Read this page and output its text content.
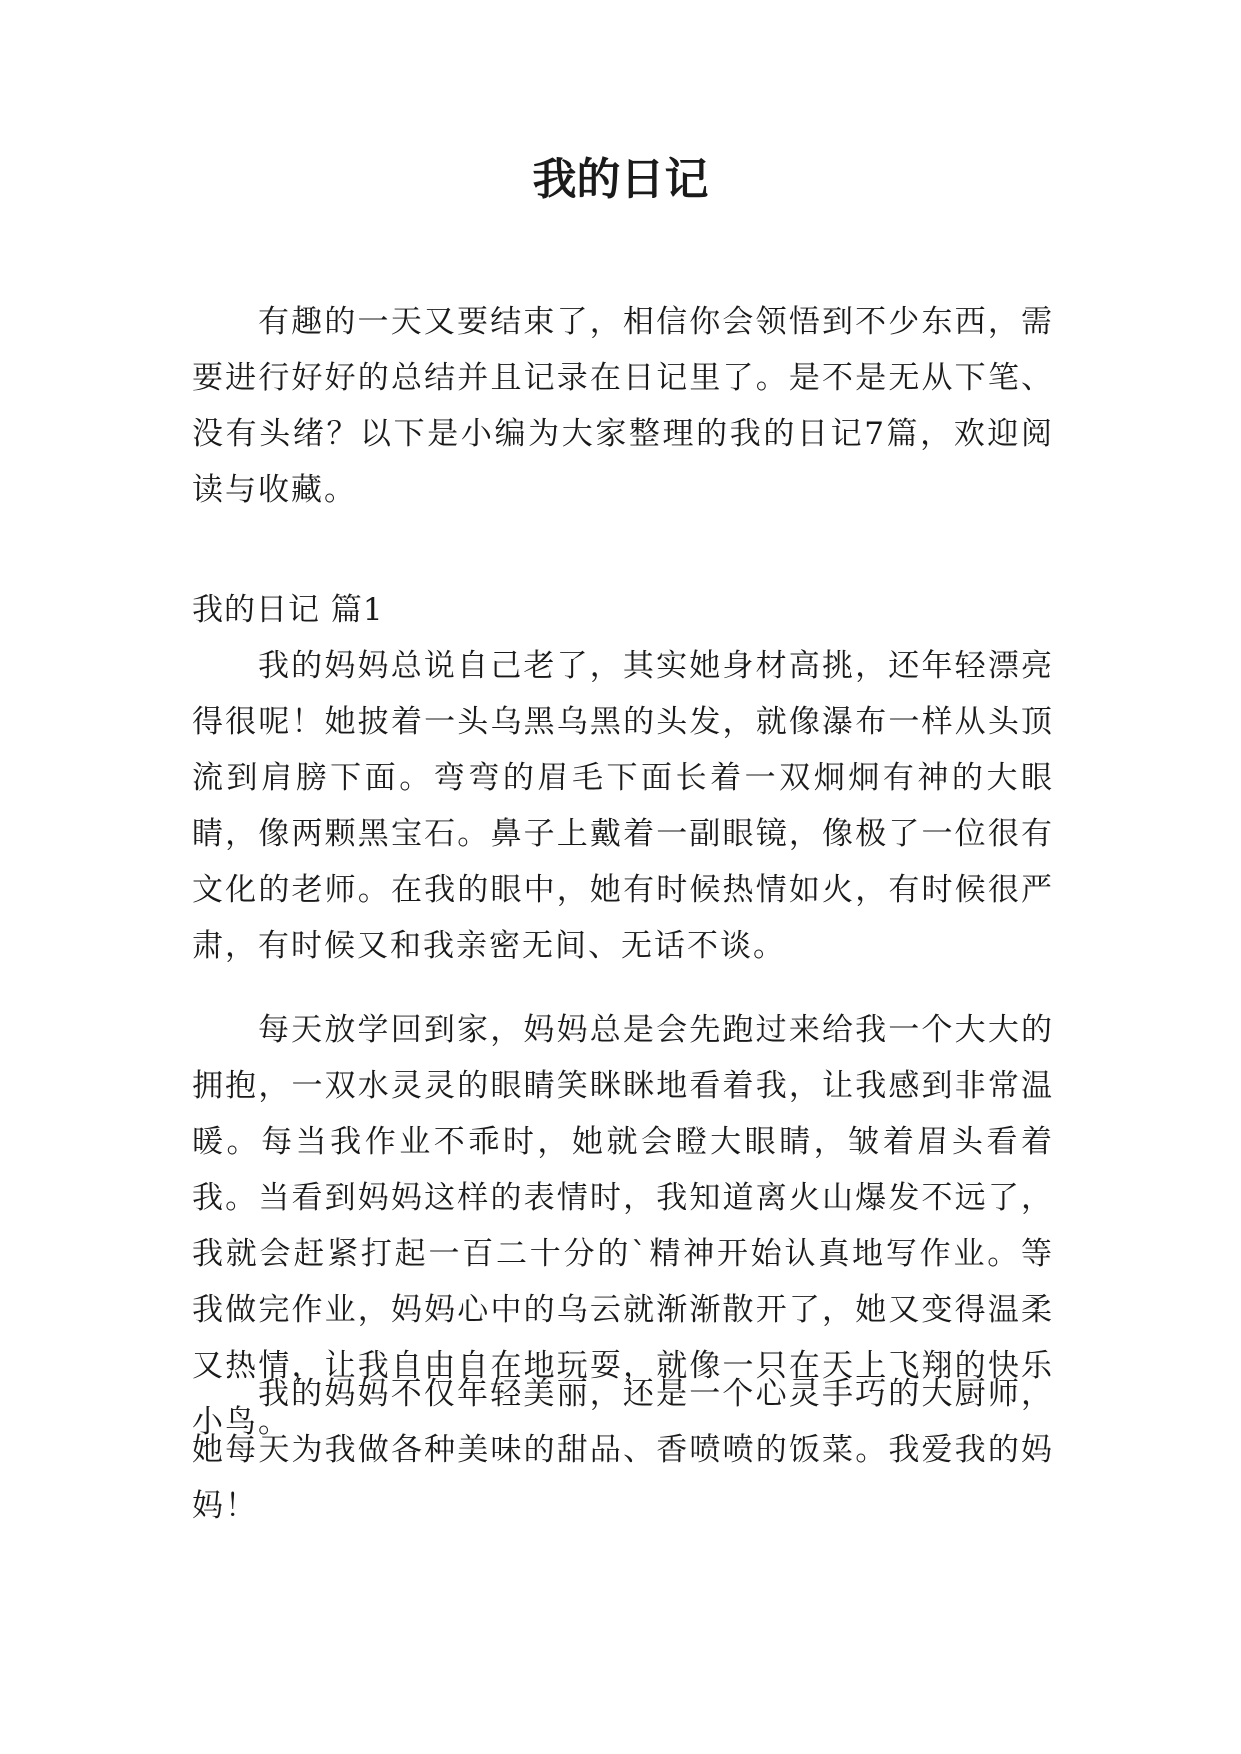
我的日记

有趣的一天又要结束了，相信你会领悟到不少东西，需要进行好好的总结并且记录在日记里了。是不是无从下笔、没有头绪？以下是小编为大家整理的我的日记7篇，欢迎阅读与收藏。

我的日记 篇1

我的妈妈总说自己老了，其实她身材高挑，还年轻漂亮得很呢！她披着一头乌黑乌黑的头发，就像瀑布一样从头顶流到肩膀下面。弯弯的眉毛下面长着一双炯炯有神的大眼睛，像两颗黑宝石。鼻子上戴着一副眼镜，像极了一位很有文化的老师。在我的眼中，她有时候热情如火，有时候很严肃，有时候又和我亲密无间、无话不谈。

每天放学回到家，妈妈总是会先跑过来给我一个大大的拥抱，一双水灵灵的眼睛笑眯眯地看着我，让我感到非常温暖。每当我作业不乖时，她就会瞪大眼睛，皱着眉头看着我。当看到妈妈这样的表情时，我知道离火山爆发不远了，我就会赶紧打起一百二十分的`精神开始认真地写作业。等我做完作业，妈妈心中的乌云就渐渐散开了，她又变得温柔又热情，让我自由自在地玩耍，就像一只在天上飞翔的快乐小鸟。

我的妈妈不仅年轻美丽，还是一个心灵手巧的大厨师，她每天为我做各种美味的甜品、香喷喷的饭菜。我爱我的妈妈！
